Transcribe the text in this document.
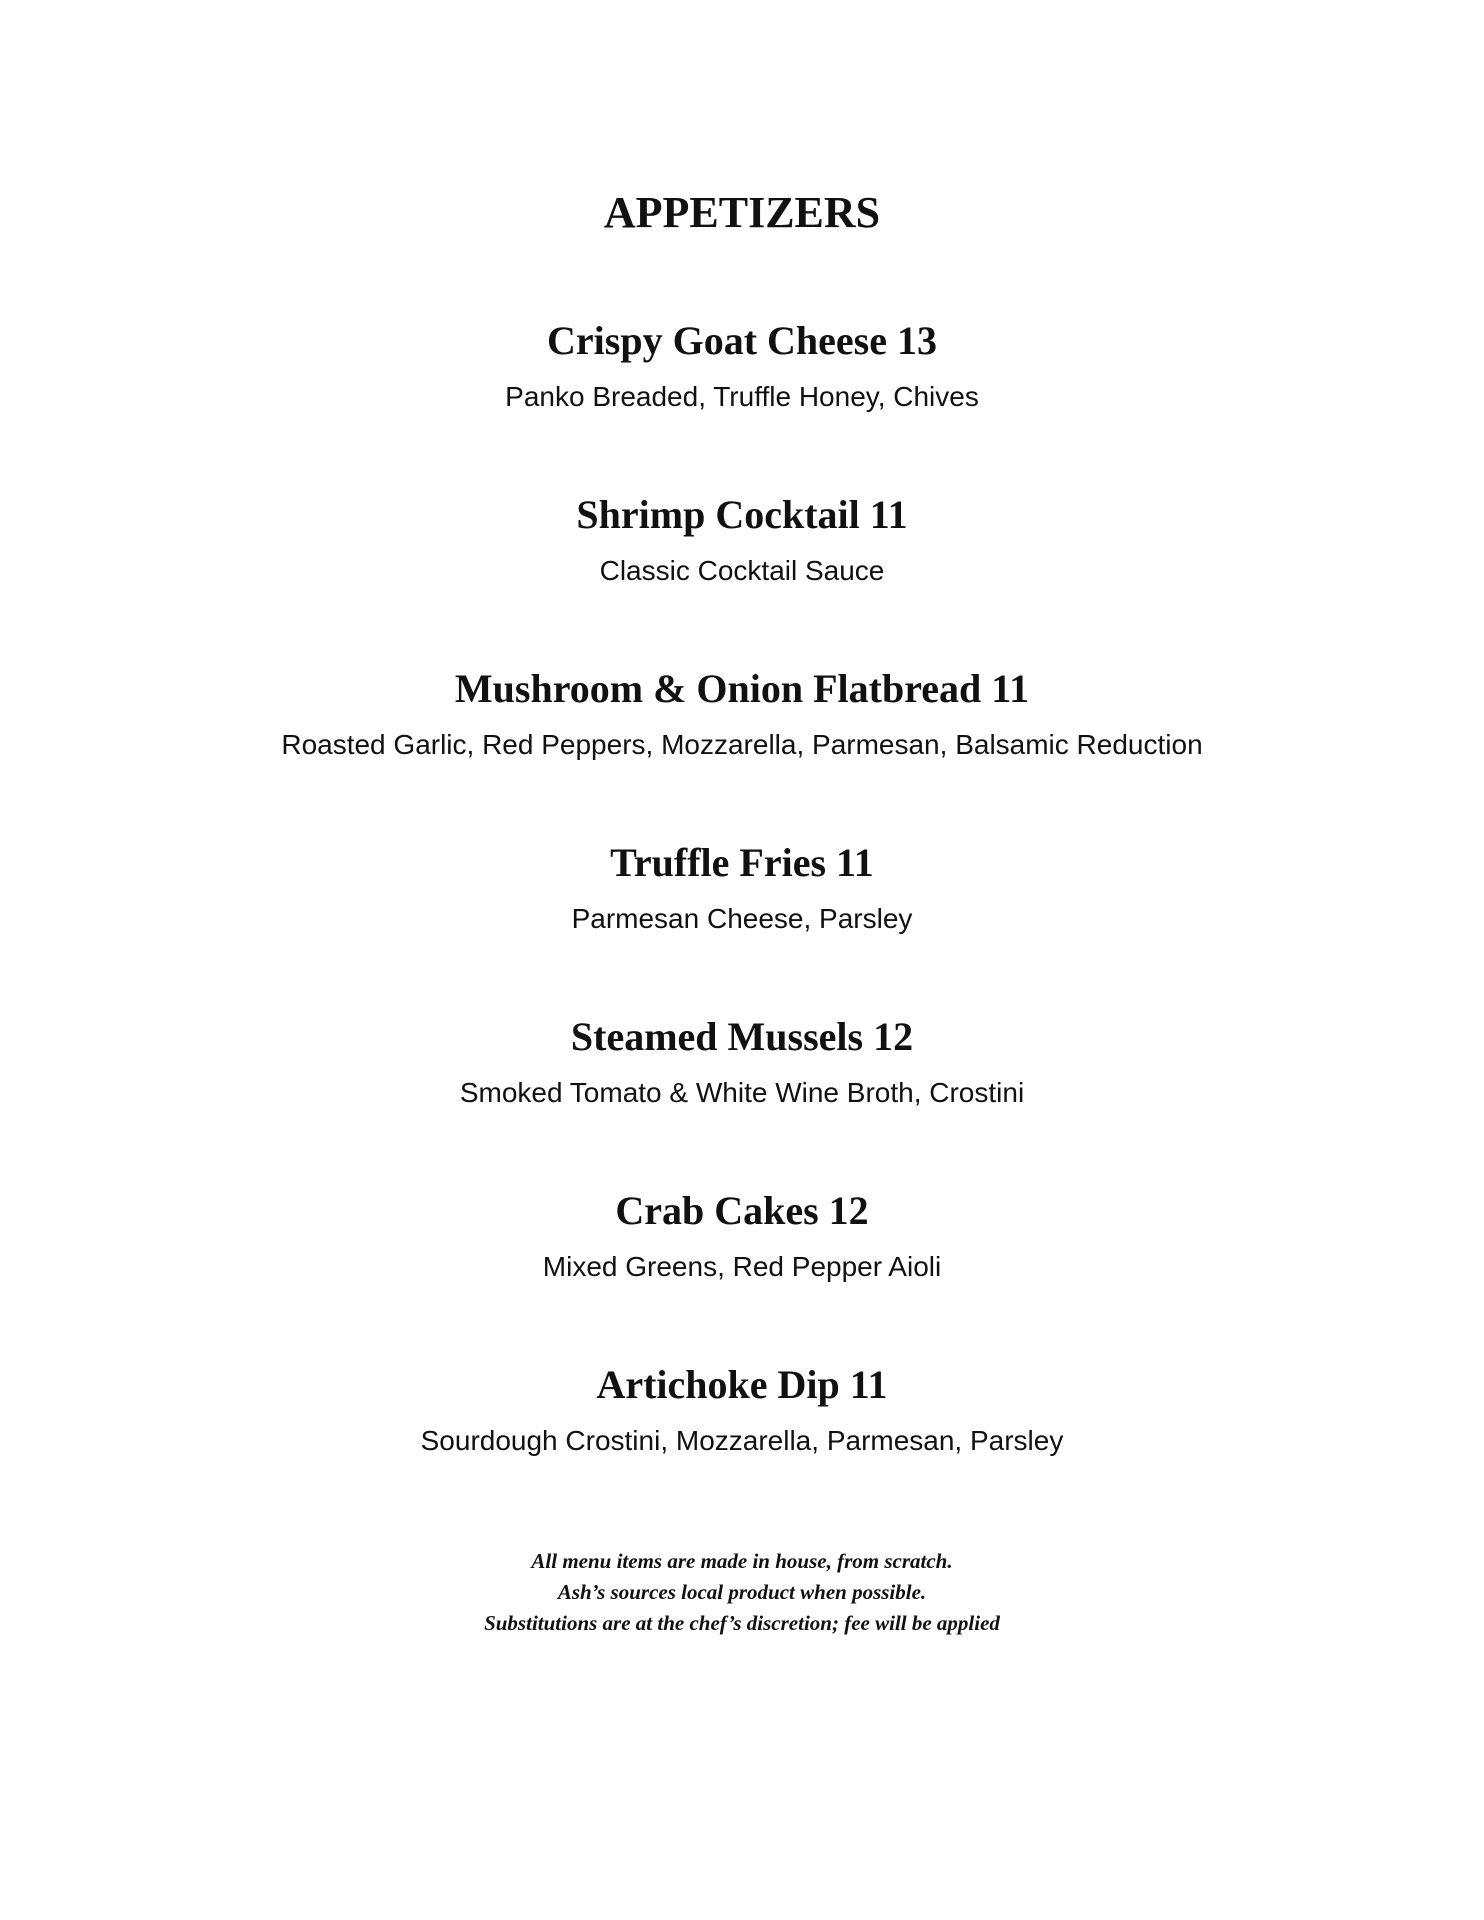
APPETIZERS
Crispy Goat Cheese 13
Panko Breaded, Truffle Honey, Chives
Shrimp Cocktail 11
Classic Cocktail Sauce
Mushroom & Onion Flatbread 11
Roasted Garlic, Red Peppers, Mozzarella, Parmesan, Balsamic Reduction
Truffle Fries 11
Parmesan Cheese, Parsley
Steamed Mussels 12
Smoked Tomato & White Wine Broth, Crostini
Crab Cakes 12
Mixed Greens, Red Pepper Aioli
Artichoke Dip 11
Sourdough Crostini, Mozzarella, Parmesan, Parsley
All menu items are made in house, from scratch.
Ash’s sources local product when possible.
Substitutions are at the chef’s discretion; fee will be applied
